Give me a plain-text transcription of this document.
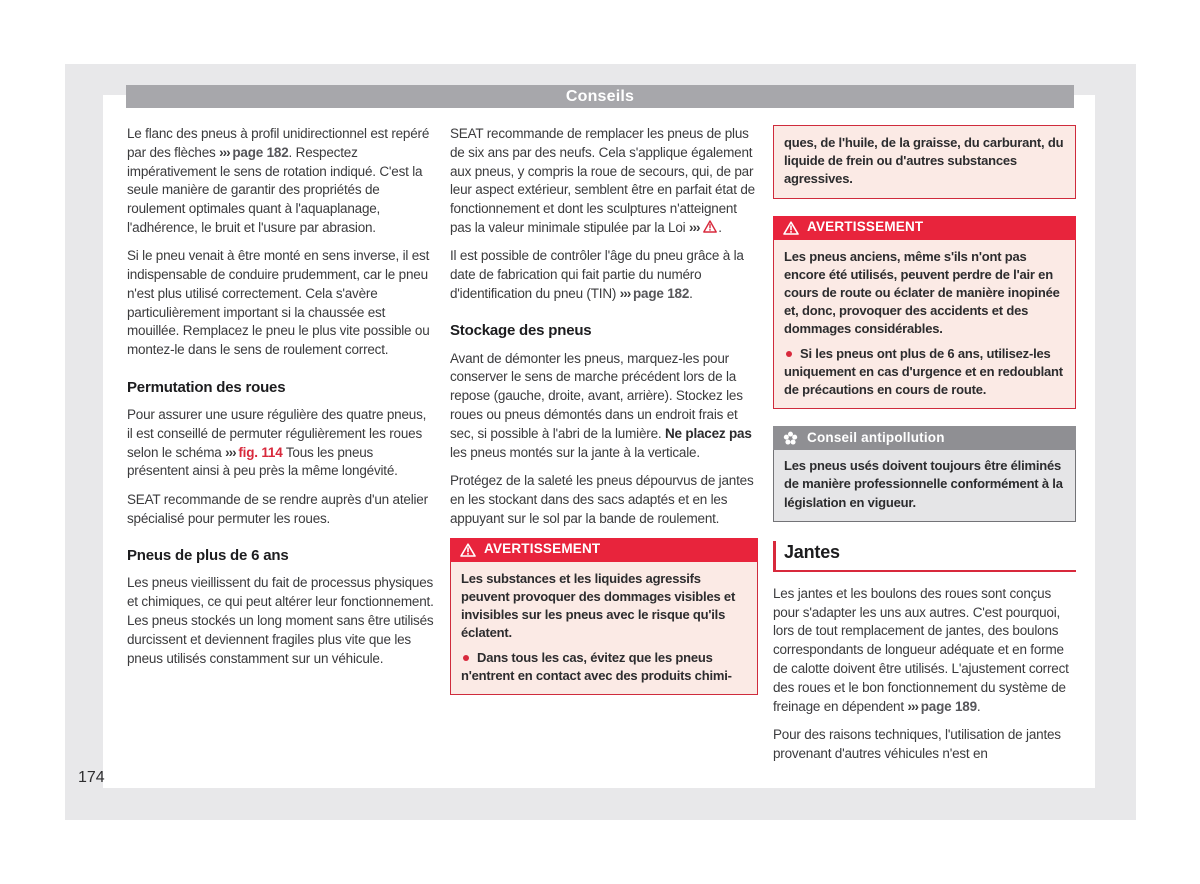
Conseils
174

Le flanc des pneus à profil unidirectionnel est repéré par des flèches ››› page 182. Respectez impérativement le sens de rotation indiqué. C'est la seule manière de garantir des propriétés de roulement optimales quant à l'aquaplanage, l'adhérence, le bruit et l'usure par abrasion.

Si le pneu venait à être monté en sens inverse, il est indispensable de conduire prudemment, car le pneu n'est plus utilisé correctement. Cela s'avère particulièrement important si la chaussée est mouillée. Remplacez le pneu le plus vite possible ou montez-le dans le sens de roulement correct.

Permutation des roues

Pour assurer une usure régulière des quatre pneus, il est conseillé de permuter régulièrement les roues selon le schéma ››› fig. 114 Tous les pneus présentent ainsi à peu près la même longévité.

SEAT recommande de se rendre auprès d'un atelier spécialisé pour permuter les roues.

Pneus de plus de 6 ans

Les pneus vieillissent du fait de processus physiques et chimiques, ce qui peut altérer leur fonctionnement. Les pneus stockés un long moment sans être utilisés durcissent et deviennent fragiles plus vite que les pneus utilisés constamment sur un véhicule.

SEAT recommande de remplacer les pneus de plus de six ans par des neufs. Cela s'applique également aux pneus, y compris la roue de secours, qui, de par leur aspect extérieur, semblent être en parfait état de fonctionnement et dont les sculptures n'atteignent pas la valeur minimale stipulée par la Loi ››› .

Il est possible de contrôler l'âge du pneu grâce à la date de fabrication qui fait partie du numéro d'identification du pneu (TIN) ››› page 182.

Stockage des pneus

Avant de démonter les pneus, marquez-les pour conserver le sens de marche précédent lors de la repose (gauche, droite, avant, arrière). Stockez les roues ou pneus démontés dans un endroit frais et sec, si possible à l'abri de la lumière. Ne placez pas les pneus montés sur la jante à la verticale.

Protégez de la saleté les pneus dépourvus de jantes en les stockant dans des sacs adaptés et en les appuyant sur le sol par la bande de roulement.

AVERTISSEMENT

Les substances et les liquides agressifs peuvent provoquer des dommages visibles et invisibles sur les pneus avec le risque qu'ils éclatent.

Dans tous les cas, évitez que les pneus n'entrent en contact avec des produits chimi-

ques, de l'huile, de la graisse, du carburant, du liquide de frein ou d'autres substances agressives.

AVERTISSEMENT

Les pneus anciens, même s'ils n'ont pas encore été utilisés, peuvent perdre de l'air en cours de route ou éclater de manière inopinée et, donc, provoquer des accidents et des dommages considérables.

Si les pneus ont plus de 6 ans, utilisez-les uniquement en cas d'urgence et en redoublant de précautions en cours de route.

Conseil antipollution

Les pneus usés doivent toujours être éliminés de manière professionnelle conformément à la législation en vigueur.

Jantes

Les jantes et les boulons des roues sont conçus pour s'adapter les uns aux autres. C'est pourquoi, lors de tout remplacement de jantes, des boulons correspondants de longueur adéquate et en forme de calotte doivent être utilisés. L'ajustement correct des roues et le bon fonctionnement du système de freinage en dépendent ››› page 189.

Pour des raisons techniques, l'utilisation de jantes provenant d'autres véhicules n'est en
